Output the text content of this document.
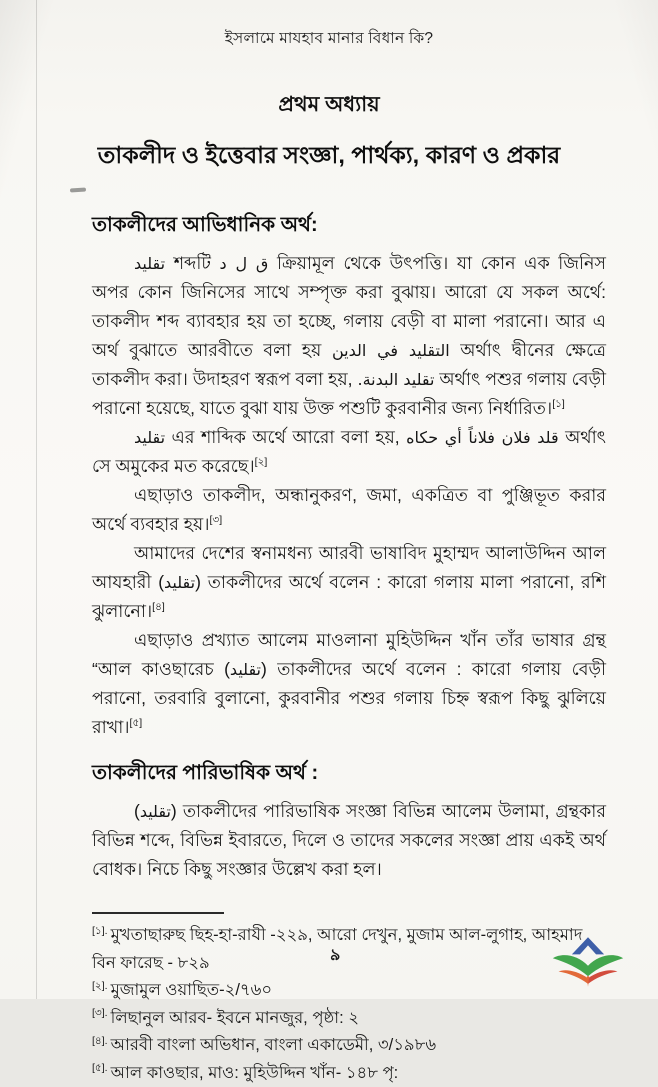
ইসলামে মাযহাব মানার বিধান কি?
প্রথম অধ্যায়
তাকলীদ ও ইত্তেবার সংজ্ঞা, পার্থক্য, কারণ ও প্রকার
তাকলীদের আভিধানিক অর্থ:

تقليد শব্দটি ق ل د ক্রিয়ামূল থেকে উৎপত্তি। যা কোন এক জিনিস অপর কোন জিনিসের সাথে সম্পৃক্ত করা বুঝায়। আরো যে সকল অর্থে: তাকলীদ শব্দ ব্যাবহার হয় তা হচ্ছে, গলায় বেড়ী বা মালা পরানো। আর এ অর্থ বুঝাতে আরবীতে বলা হয় التقليد في الدين অর্থাৎ দ্বীনের ক্ষেত্রে তাকলীদ করা। উদাহরণ স্বরূপ বলা হয়, تقليد البدنة. অর্থাৎ পশুর গলায় বেড়ী পরানো হয়েছে, যাতে বুঝা যায় উক্ত পশুটি কুরবানীর জন্য নির্ধারিত।[১]

تقليد এর শাব্দিক অর্থে আরো বলা হয়, قلد فلان فلاناً أي حكاه অর্থাৎ সে অমুকের মত করেছে।[২]

এছাড়াও তাকলীদ, অন্ধানুকরণ, জমা, একত্রিত বা পুঞ্জিভূত করার অর্থে ব্যবহার হয়।[৩]

আমাদের দেশের স্বনামধন্য আরবী ভাষাবিদ মুহাম্মদ আলাউদ্দিন আল আযহারী (تقليد) তাকলীদের অর্থে বলেন : কারো গলায় মালা পরানো, রশি ঝুলানো।[৪]

এছাড়াও প্রখ্যাত আলেম মাওলানা মুহিউদ্দিন খাঁন তাঁর ভাষার গ্রন্থ “আল কাওছারেচ (تقليد) তাকলীদের অর্থে বলেন : কারো গলায় বেড়ী পরানো, তরবারি বুলানো, কুরবানীর পশুর গলায় চিহ্ন স্বরূপ কিছু ঝুলিয়ে রাখা।[৫]

তাকলীদের পারিভাষিক অর্থ :

(تقليد) তাকলীদের পারিভাষিক সংজ্ঞা বিভিন্ন আলেম উলামা, গ্রন্থকার বিভিন্ন শব্দে, বিভিন্ন ইবারতে, দিলে ও তাদের সকলের সংজ্ঞা প্রায় একই অর্থ বোধক। নিচে কিছু সংজ্ঞার উল্লেখ করা হল।

$^{[১].}$ মুখতাছারুছ ছিহ-হা-রাযী -২২৯, আরো দেখুন, মুজাম আল-লুগাহ, আহমাদ বিন ফারেছ - ৮২৯
$^{[২].}$ মুজামুল ওয়াছিত-২/৭৬০
$^{[৩].}$ লিছানুল আরব- ইবনে মানজুর, পৃষ্ঠা: ২
$^{[৪].}$ আরবী বাংলা অভিধান, বাংলা একাডেমী, ৩/১৯৮৬
$^{[৫].}$ আল কাওছার, মাও: মুহিউদ্দিন খাঁন- ১৪৮ পৃ:
৯
